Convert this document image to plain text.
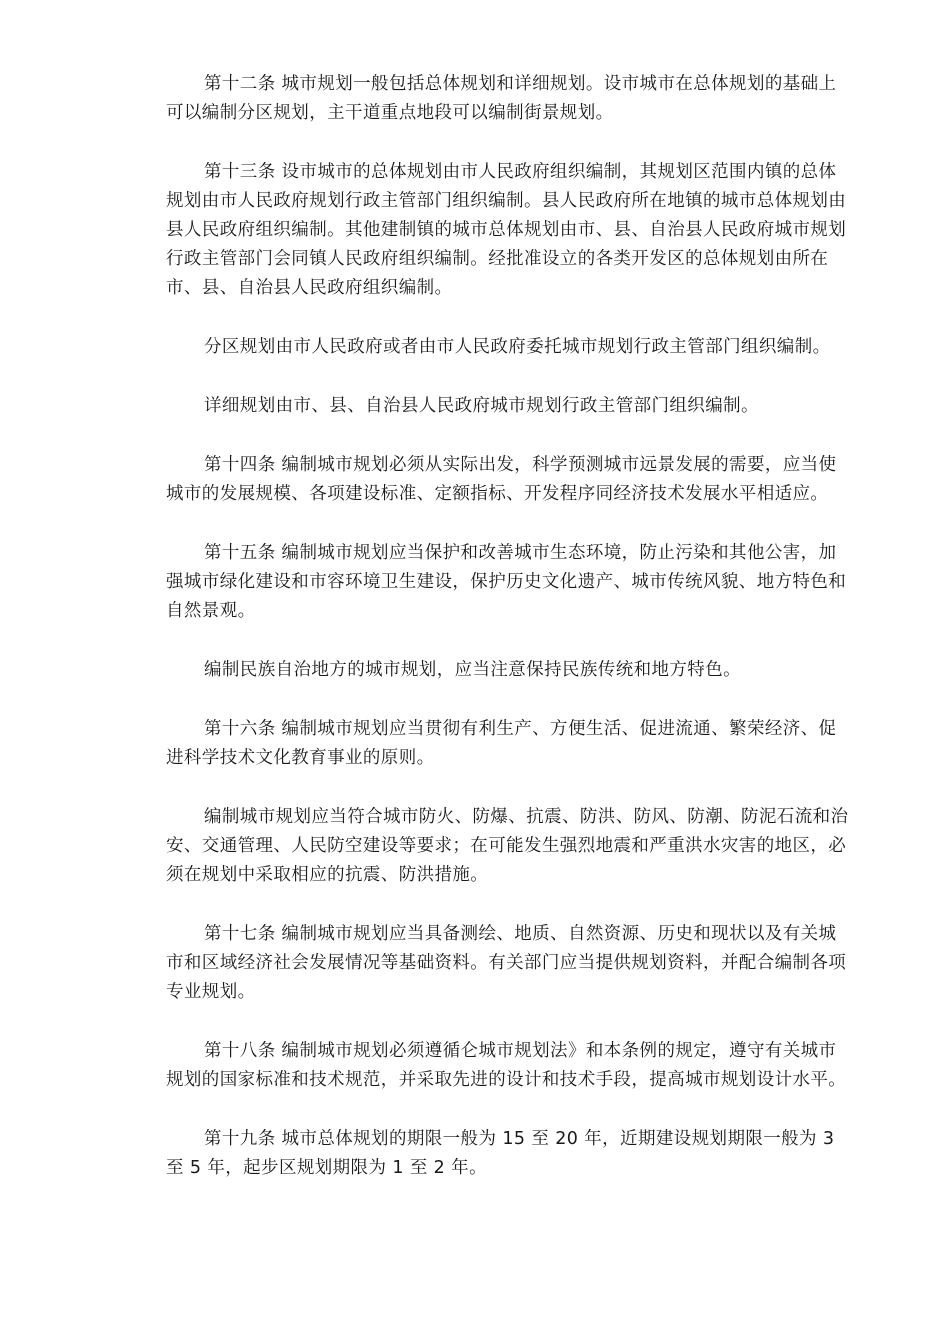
第十二条 城市规划一般包括总体规划和详细规划。设市城市在总体规划的基础上可以编制分区规划，主干道重点地段可以编制街景规划。

第十三条 设市城市的总体规划由市人民政府组织编制，其规划区范围内镇的总体规划由市人民政府规划行政主管部门组织编制。县人民政府所在地镇的城市总体规划由县人民政府组织编制。其他建制镇的城市总体规划由市、县、自治县人民政府城市规划行政主管部门会同镇人民政府组织编制。经批准设立的各类开发区的总体规划由所在市、县、自治县人民政府组织编制。

分区规划由市人民政府或者由市人民政府委托城市规划行政主管部门组织编制。

详细规划由市、县、自治县人民政府城市规划行政主管部门组织编制。

第十四条 编制城市规划必须从实际出发，科学预测城市远景发展的需要，应当使城市的发展规模、各项建设标准、定额指标、开发程序同经济技术发展水平相适应。

第十五条 编制城市规划应当保护和改善城市生态环境，防止污染和其他公害，加强城市绿化建设和市容环境卫生建设，保护历史文化遗产、城市传统风貌、地方特色和自然景观。

编制民族自治地方的城市规划，应当注意保持民族传统和地方特色。

第十六条 编制城市规划应当贯彻有利生产、方便生活、促进流通、繁荣经济、促进科学技术文化教育事业的原则。

编制城市规划应当符合城市防火、防爆、抗震、防洪、防风、防潮、防泥石流和治安、交通管理、人民防空建设等要求；在可能发生强烈地震和严重洪水灾害的地区，必须在规划中采取相应的抗震、防洪措施。

第十七条 编制城市规划应当具备测绘、地质、自然资源、历史和现状以及有关城市和区域经济社会发展情况等基础资料。有关部门应当提供规划资料，并配合编制各项专业规划。

第十八条 编制城市规划必须遵循仑城市规划法》和本条例的规定，遵守有关城市规划的国家标准和技术规范，并采取先进的设计和技术手段，提高城市规划设计水平。

第十九条 城市总体规划的期限一般为 15 至 20 年，近期建设规划期限一般为 3 至 5 年，起步区规划期限为 1 至 2 年。
